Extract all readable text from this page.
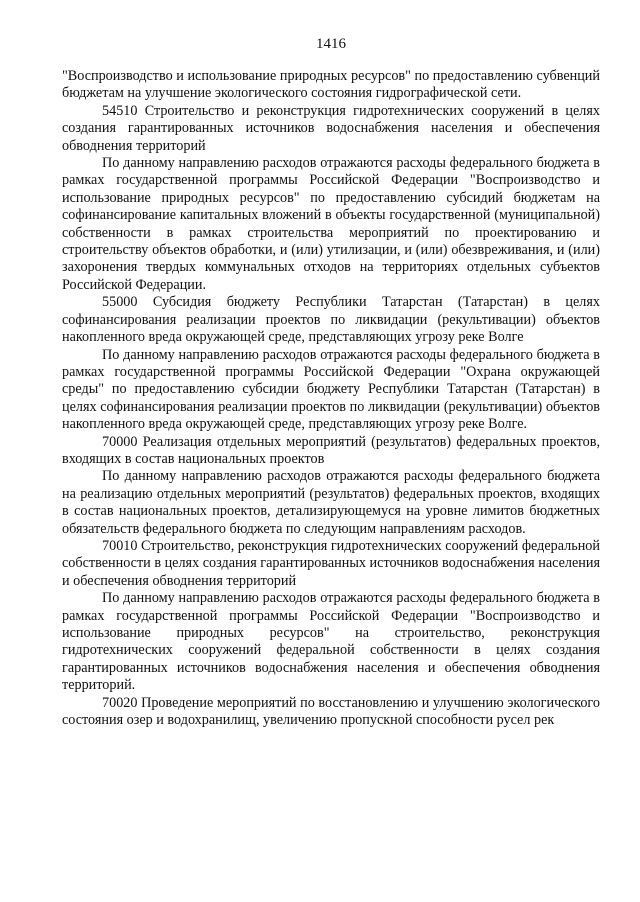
1416

"Воспроизводство и использование природных ресурсов" по предоставлению субвенций бюджетам на улучшение экологического состояния гидрографической сети.

54510 Строительство и реконструкция гидротехнических сооружений в целях создания гарантированных источников водоснабжения населения и обеспечения обводнения территорий

По данному направлению расходов отражаются расходы федерального бюджета в рамках государственной программы Российской Федерации "Воспроизводство и использование природных ресурсов" по предоставлению субсидий бюджетам на софинансирование капитальных вложений в объекты государственной (муниципальной) собственности в рамках строительства мероприятий по проектированию и строительству объектов обработки, и (или) утилизации, и (или) обезвреживания, и (или) захоронения твердых коммунальных отходов на территориях отдельных субъектов Российской Федерации.

55000 Субсидия бюджету Республики Татарстан (Татарстан) в целях софинансирования реализации проектов по ликвидации (рекультивации) объектов накопленного вреда окружающей среде, представляющих угрозу реке Волге

По данному направлению расходов отражаются расходы федерального бюджета в рамках государственной программы Российской Федерации "Охрана окружающей среды" по предоставлению субсидии бюджету Республики Татарстан (Татарстан) в целях софинансирования реализации проектов по ликвидации (рекультивации) объектов накопленного вреда окружающей среде, представляющих угрозу реке Волге.

70000 Реализация отдельных мероприятий (результатов) федеральных проектов, входящих в состав национальных проектов

По данному направлению расходов отражаются расходы федерального бюджета на реализацию отдельных мероприятий (результатов) федеральных проектов, входящих в состав национальных проектов, детализирующемуся на уровне лимитов бюджетных обязательств федерального бюджета по следующим направлениям расходов.

70010 Строительство, реконструкция гидротехнических сооружений федеральной собственности в целях создания гарантированных источников водоснабжения населения и обеспечения обводнения территорий

По данному направлению расходов отражаются расходы федерального бюджета в рамках государственной программы Российской Федерации "Воспроизводство и использование природных ресурсов" на строительство, реконструкция гидротехнических сооружений федеральной собственности в целях создания гарантированных источников водоснабжения населения и обеспечения обводнения территорий.

70020 Проведение мероприятий по восстановлению и улучшению экологического состояния озер и водохранилищ, увеличению пропускной способности русел рек
